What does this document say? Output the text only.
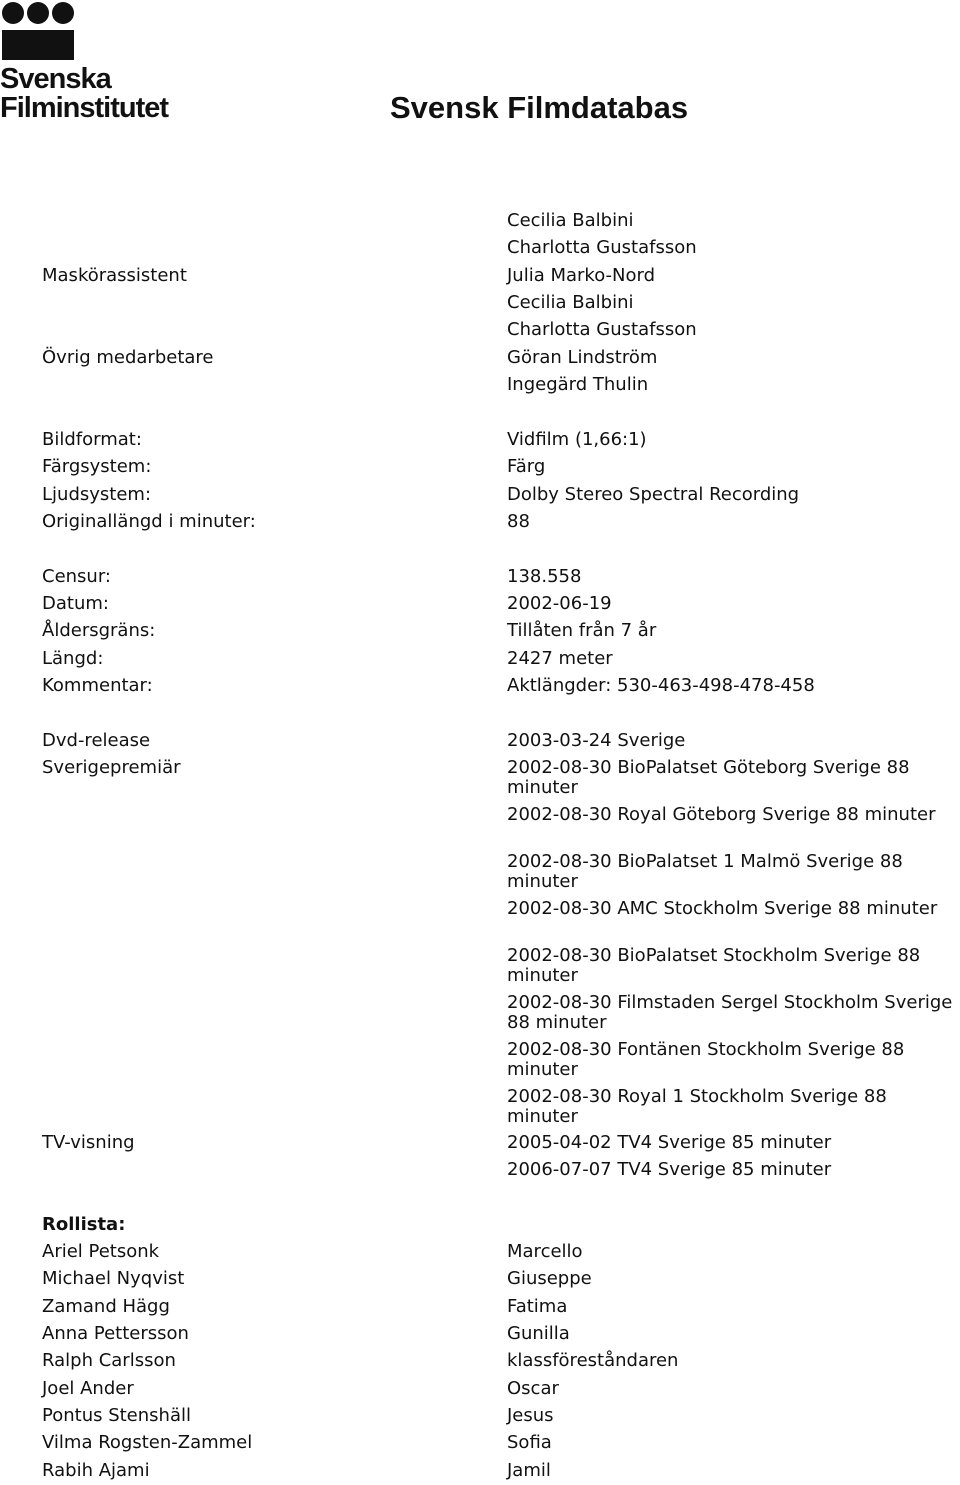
Svenska
Filminstitutet	Svensk Filmdatabas
Cecilia Balbini
Charlotta Gustafsson
Maskörassistent	Julia Marko-Nord
Cecilia Balbini
Charlotta Gustafsson
Övrig medarbetare	Göran Lindström
Ingegärd Thulin
Bildformat:	Vidfilm (1,66:1)
Färgsystem:	Färg
Ljudsystem:	Dolby Stereo Spectral Recording
Originallängd i minuter:	88
Censur:	138.558
Datum:	2002-06-19
Åldersgräns:	Tillåten från 7 år
Längd:	2427 meter
Kommentar:	Aktlängder: 530-463-498-478-458
Dvd-release	2003-03-24 Sverige
Sverigepremiär	2002-08-30 BioPalatset Göteborg Sverige 88 minuter
2002-08-30 Royal Göteborg Sverige 88 minuter
2002-08-30 BioPalatset 1 Malmö Sverige 88 minuter
2002-08-30 AMC Stockholm Sverige 88 minuter
2002-08-30 BioPalatset Stockholm Sverige 88 minuter
2002-08-30 Filmstaden Sergel Stockholm Sverige 88 minuter
2002-08-30 Fontänen Stockholm Sverige 88 minuter
2002-08-30 Royal 1 Stockholm Sverige 88 minuter
TV-visning	2005-04-02 TV4 Sverige 85 minuter
2006-07-07 TV4 Sverige 85 minuter
Rollista:
Ariel Petsonk	Marcello
Michael Nyqvist	Giuseppe
Zamand Hägg	Fatima
Anna Pettersson	Gunilla
Ralph Carlsson	klassföreståndaren
Joel Ander	Oscar
Pontus Stenshäll	Jesus
Vilma Rogsten-Zammel	Sofia
Rabih Ajami	Jamil
